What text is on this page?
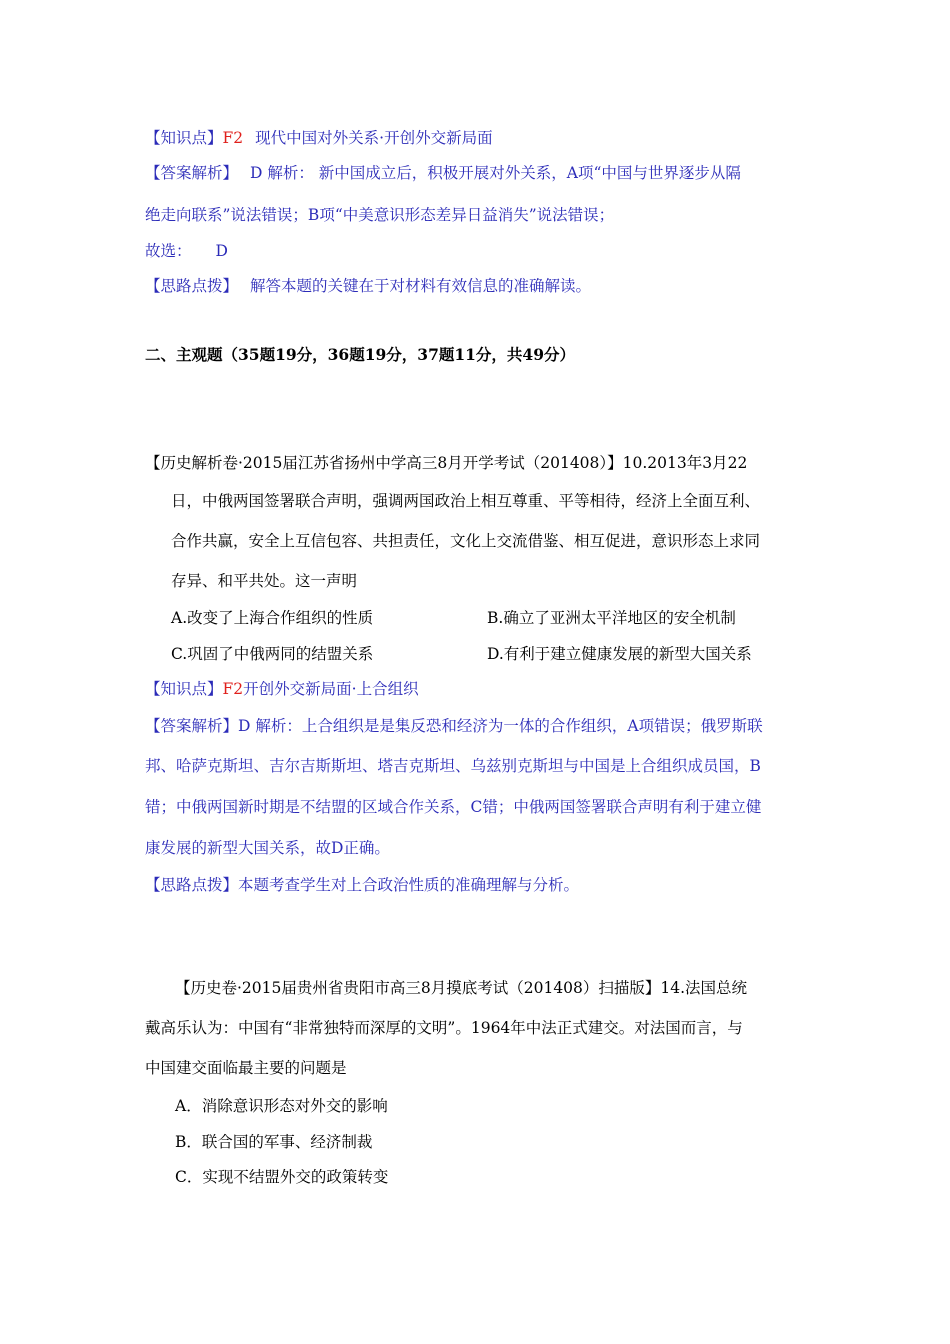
【知识点】F2 现代中国对外关系·开创外交新局面
【答案解析】 D 解析： 新中国成立后，积极开展对外关系，A项“中国与世界逐步从隔
绝走向联系”说法错误；B项“中美意识形态差异日益消失”说法错误；
故选： D
【思路点拨】 解答本题的关键在于对材料有效信息的准确解读。
二、主观题（35题19分，36题19分，37题11分，共49分）
【历史解析卷·2015届江苏省扬州中学高三8月开学考试（201408）】10.2013年3月22
日，中俄两国签署联合声明，强调两国政治上相互尊重、平等相待，经济上全面互利、
合作共赢，安全上互信包容、共担责任，文化上交流借鉴、相互促进，意识形态上求同
存异、和平共处。这一声明
A.改变了上海合作组织的性质	B.确立了亚洲太平洋地区的安全机制
C.巩固了中俄两同的结盟关系	D.有利于建立健康发展的新型大国关系
【知识点】F2开创外交新局面·上合组织
【答案解析】D 解析：上合组织是是集反恐和经济为一体的合作组织，A项错误；俄罗斯联
邦、哈萨克斯坦、吉尔吉斯斯坦、塔吉克斯坦、乌兹别克斯坦与中国是上合组织成员国，B
错；中俄两国新时期是不结盟的区域合作关系，C错；中俄两国签署联合声明有利于建立健
康发展的新型大国关系，故D正确。
【思路点拨】本题考查学生对上合政治性质的准确理解与分析。
【历史卷·2015届贵州省贵阳市高三8月摸底考试（201408）扫描版】14.法国总统
戴高乐认为：中国有“非常独特而深厚的文明”。1964年中法正式建交。对法国而言，与
中国建交面临最主要的问题是
A．消除意识形态对外交的影响
B．联合国的军事、经济制裁
C．实现不结盟外交的政策转变
